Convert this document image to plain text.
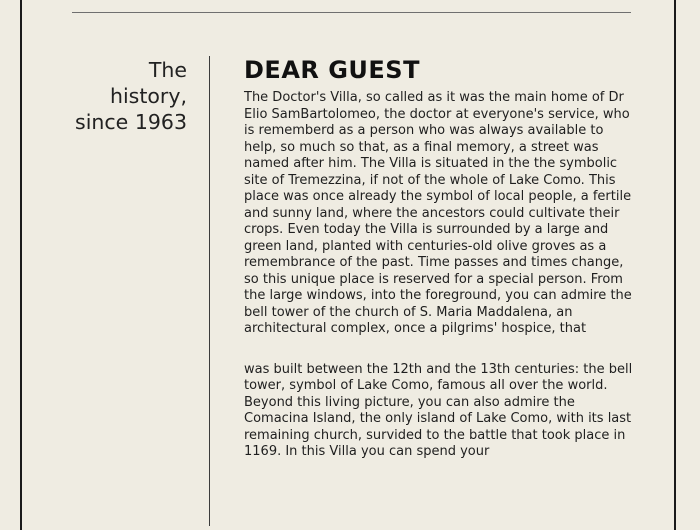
The
history,
since 1963
DEAR GUEST

The Doctor's Villa, so called as it was the main home of Dr Elio SamBartolomeo, the doctor at everyone's service, who is rememberd as a person who was always available to help, so much so that, as a final memory, a street was named after him. The Villa is situated in the the symbolic site of Tremezzina, if not of the whole of Lake Como. This place was once already the symbol of local people, a fertile and sunny land, where the ancestors could cultivate their crops. Even today the Villa is surrounded by a large and green land, planted with centuries-old olive groves as a remembrance of the past. Time passes and times change, so this unique place is reserved for a special person. From the large windows, into the foreground, you can admire the bell tower of the church of S. Maria Maddalena, an architectural complex, once a pilgrims' hospice, that

was built between the 12th and the 13th centuries: the bell tower, symbol of Lake Como, famous all over the world. Beyond this living picture, you can also admire the Comacina Island, the only island of Lake Como, with its last remaining church, survided to the battle that took place in 1169. In this Villa you can spend your
